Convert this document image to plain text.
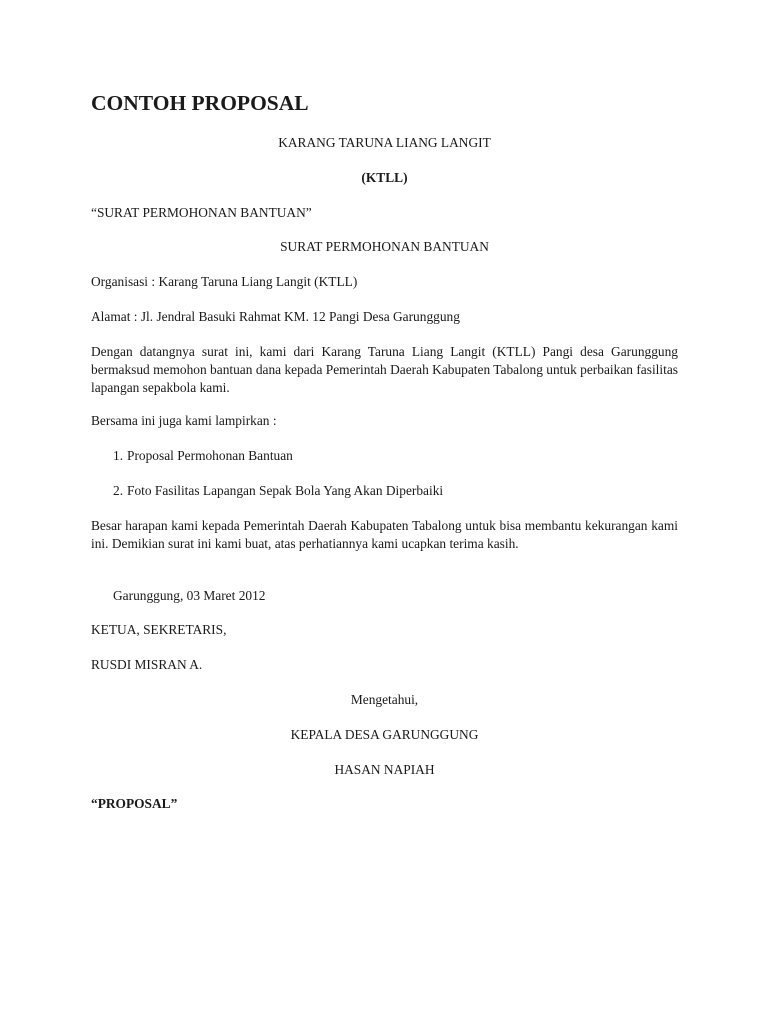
CONTOH PROPOSAL
KARANG TARUNA LIANG LANGIT
(KTLL)
“SURAT PERMOHONAN BANTUAN”
SURAT PERMOHONAN BANTUAN
Organisasi : Karang Taruna Liang Langit (KTLL)
Alamat : Jl. Jendral Basuki Rahmat KM. 12 Pangi Desa Garunggung
Dengan datangnya surat ini, kami dari Karang Taruna Liang Langit (KTLL) Pangi desa Garunggung bermaksud memohon bantuan dana kepada Pemerintah Daerah Kabupaten Tabalong untuk perbaikan fasilitas lapangan sepakbola kami.
Bersama ini juga kami lampirkan :
1. Proposal Permohonan Bantuan
2. Foto Fasilitas Lapangan Sepak Bola Yang Akan Diperbaiki
Besar harapan kami kepada Pemerintah Daerah Kabupaten Tabalong untuk bisa membantu kekurangan kami ini. Demikian surat ini kami buat, atas perhatiannya kami ucapkan terima kasih.
Garunggung, 03 Maret 2012
KETUA, SEKRETARIS,
RUSDI MISRAN A.
Mengetahui,
KEPALA DESA GARUNGGUNG
HASAN NAPIAH
“PROPOSAL”
